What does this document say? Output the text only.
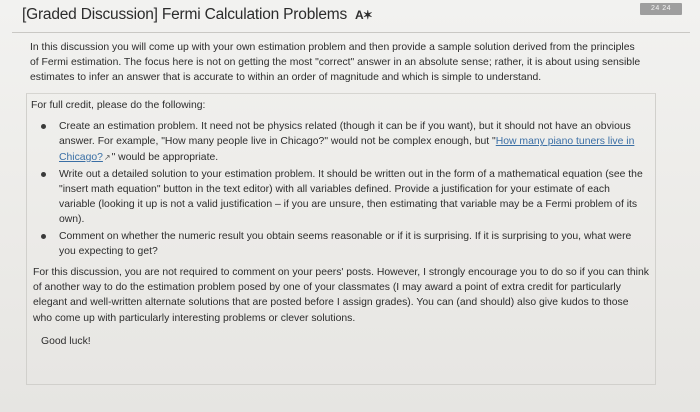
[Graded Discussion] Fermi Calculation Problems A✶	24 24

In this discussion you will come up with your own estimation problem and then provide a sample solution derived from the principles of Fermi estimation. The focus here is not on getting the most "correct" answer in an absolute sense; rather, it is about using sensible estimates to infer an answer that is accurate to within an order of magnitude and which is simple to understand.

For full credit, please do the following:

Create an estimation problem. It need not be physics related (though it can be if you want), but it should not have an obvious answer. For example, "How many people live in Chicago?" would not be complex enough, but "How many piano tuners live in Chicago?↗" would be appropriate.
Write out a detailed solution to your estimation problem. It should be written out in the form of a mathematical equation (see the "insert math equation" button in the text editor) with all variables defined. Provide a justification for your estimate of each variable (looking it up is not a valid justification – if you are unsure, then estimating that variable may be a Fermi problem of its own).
Comment on whether the numeric result you obtain seems reasonable or if it is surprising. If it is surprising to you, what were you expecting to get?

For this discussion, you are not required to comment on your peers' posts. However, I strongly encourage you to do so if you can think of another way to do the estimation problem posed by one of your classmates (I may award a point of extra credit for particularly elegant and well-written alternate solutions that are posted before I assign grades). You can (and should) also give kudos to those who come up with particularly interesting problems or clever solutions.

Good luck!
